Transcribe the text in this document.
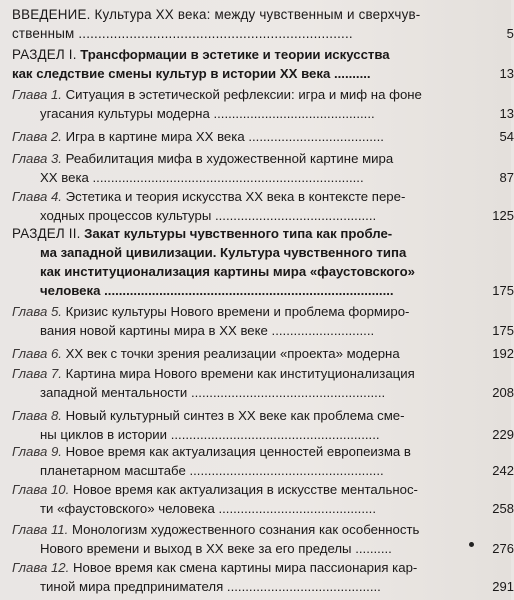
ВВЕДЕНИЕ. Культура XX века: между чувственным и сверхчув-
ственным ......................................................................	5
РАЗДЕЛ I. Трансформации в эстетике и теории искусства
как следствие смены культур в истории XX века ..........	13
Глава 1. Ситуация в эстетической рефлексии: игра и миф на фоне
угасания культуры модерна ............................................	13
Глава 2. Игра в картине мира XX века .....................................	54
Глава 3. Реабилитация мифа в художественной картине мира
XX века ..........................................................................	87
Глава 4. Эстетика и теория искусства XX века в контексте пере-
ходных процессов культуры ............................................	125
РАЗДЕЛ II. Закат культуры чувственного типа как пробле-
ма западной цивилизации. Культура чувственного типа
как институционализация картины мира «фаустовского»
человека ...............................................................................	175
Глава 5. Кризис культуры Нового времени и проблема формиро-
вания новой картины мира в XX веке ............................	175
Глава 6. XX век с точки зрения реализации «проекта» модерна	192
Глава 7. Картина мира Нового времени как институционализация
западной ментальности .....................................................	208
Глава 8. Новый культурный синтез в XX веке как проблема сме-
ны циклов в истории .........................................................	229
Глава 9. Новое время как актуализация ценностей европеизма в
планетарном масштабе .....................................................	242
Глава 10. Новое время как актуализация в искусстве ментальнос-
ти «фаустовского» человека ...........................................	258
Глава 11. Монологизм художественного сознания как особенность
Нового времени и выход в XX веке за его пределы ..........	276
Глава 12. Новое время как смена картины мира пассионария кар-
тиной мира предпринимателя ..........................................	291
